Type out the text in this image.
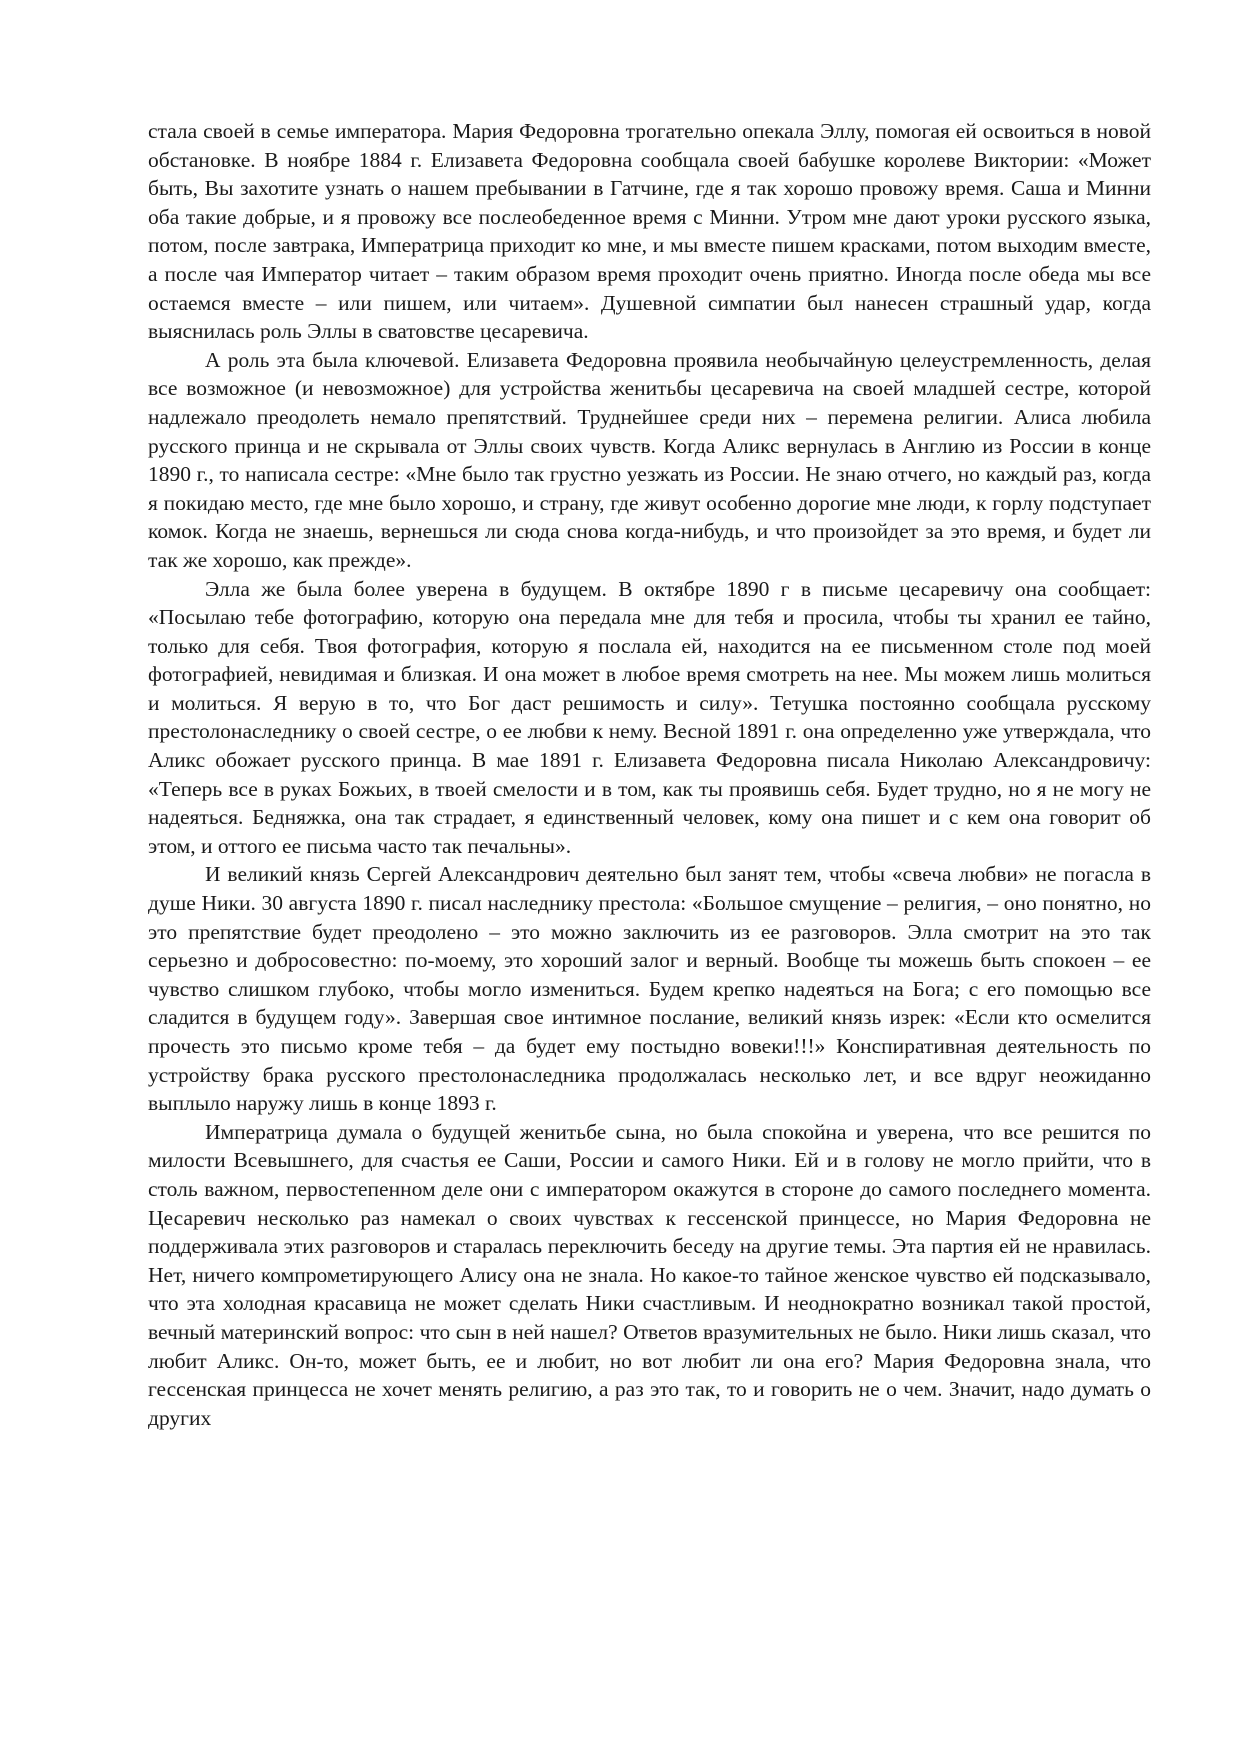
стала своей в семье императора. Мария Федоровна трогательно опекала Эллу, помогая ей освоиться в новой обстановке. В ноябре 1884 г. Елизавета Федоровна сообщала своей бабушке королеве Виктории: «Может быть, Вы захотите узнать о нашем пребывании в Гатчине, где я так хорошо провожу время. Саша и Минни оба такие добрые, и я провожу все послеобеденное время с Минни. Утром мне дают уроки русского языка, потом, после завтрака, Императрица приходит ко мне, и мы вместе пишем красками, потом выходим вместе, а после чая Император читает – таким образом время проходит очень приятно. Иногда после обеда мы все остаемся вместе – или пишем, или читаем». Душевной симпатии был нанесен страшный удар, когда выяснилась роль Эллы в сватовстве цесаревича.

А роль эта была ключевой. Елизавета Федоровна проявила необычайную целеустремленность, делая все возможное (и невозможное) для устройства женитьбы цесаревича на своей младшей сестре, которой надлежало преодолеть немало препятствий. Труднейшее среди них – перемена религии. Алиса любила русского принца и не скрывала от Эллы своих чувств. Когда Аликс вернулась в Англию из России в конце 1890 г., то написала сестре: «Мне было так грустно уезжать из России. Не знаю отчего, но каждый раз, когда я покидаю место, где мне было хорошо, и страну, где живут особенно дорогие мне люди, к горлу подступает комок. Когда не знаешь, вернешься ли сюда снова когда-нибудь, и что произойдет за это время, и будет ли так же хорошо, как прежде».

Элла же была более уверена в будущем. В октябре 1890 г в письме цесаревичу она сообщает: «Посылаю тебе фотографию, которую она передала мне для тебя и просила, чтобы ты хранил ее тайно, только для себя. Твоя фотография, которую я послала ей, находится на ее письменном столе под моей фотографией, невидимая и близкая. И она может в любое время смотреть на нее. Мы можем лишь молиться и молиться. Я верую в то, что Бог даст решимость и силу». Тетушка постоянно сообщала русскому престолонаследнику о своей сестре, о ее любви к нему. Весной 1891 г. она определенно уже утверждала, что Аликс обожает русского принца. В мае 1891 г. Елизавета Федоровна писала Николаю Александровичу: «Теперь все в руках Божьих, в твоей смелости и в том, как ты проявишь себя. Будет трудно, но я не могу не надеяться. Бедняжка, она так страдает, я единственный человек, кому она пишет и с кем она говорит об этом, и оттого ее письма часто так печальны».

И великий князь Сергей Александрович деятельно был занят тем, чтобы «свеча любви» не погасла в душе Ники. 30 августа 1890 г. писал наследнику престола: «Большое смущение – религия, – оно понятно, но это препятствие будет преодолено – это можно заключить из ее разговоров. Элла смотрит на это так серьезно и добросовестно: по-моему, это хороший залог и верный. Вообще ты можешь быть спокоен – ее чувство слишком глубоко, чтобы могло измениться. Будем крепко надеяться на Бога; с его помощью все сладится в будущем году». Завершая свое интимное послание, великий князь изрек: «Если кто осмелится прочесть это письмо кроме тебя – да будет ему постыдно вовеки!!!» Конспиративная деятельность по устройству брака русского престолонаследника продолжалась несколько лет, и все вдруг неожиданно выплыло наружу лишь в конце 1893 г.

Императрица думала о будущей женитьбе сына, но была спокойна и уверена, что все решится по милости Всевышнего, для счастья ее Саши, России и самого Ники. Ей и в голову не могло прийти, что в столь важном, первостепенном деле они с императором окажутся в стороне до самого последнего момента. Цесаревич несколько раз намекал о своих чувствах к гессенской принцессе, но Мария Федоровна не поддерживала этих разговоров и старалась переключить беседу на другие темы. Эта партия ей не нравилась. Нет, ничего компрометирующего Алису она не знала. Но какое-то тайное женское чувство ей подсказывало, что эта холодная красавица не может сделать Ники счастливым. И неоднократно возникал такой простой, вечный материнский вопрос: что сын в ней нашел? Ответов вразумительных не было. Ники лишь сказал, что любит Аликс. Он-то, может быть, ее и любит, но вот любит ли она его? Мария Федоровна знала, что гессенская принцесса не хочет менять религию, а раз это так, то и говорить не о чем. Значит, надо думать о других
